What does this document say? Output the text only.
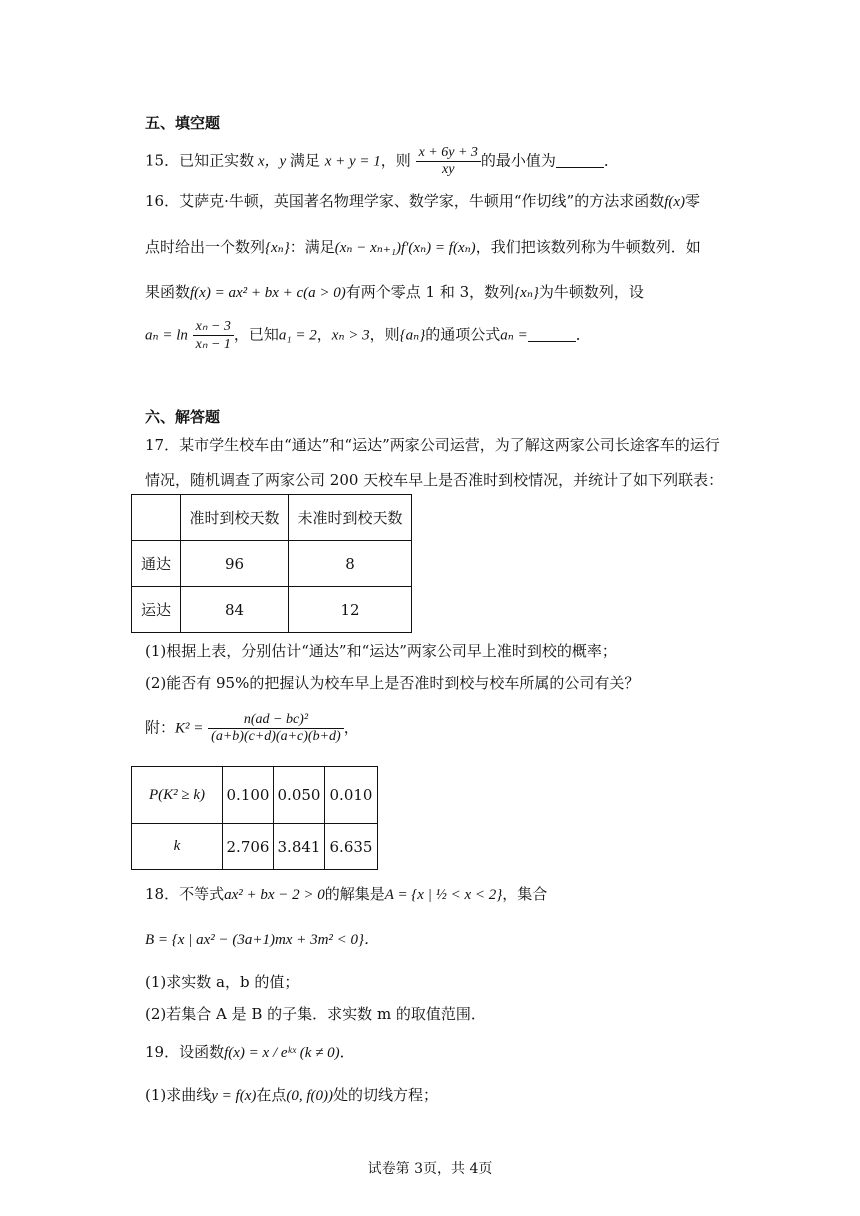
五、填空题
15．已知正实数 x，y 满足 x + y = 1，则 $\frac{x + 6y + 3}{xy}$ 的最小值为	．
16．艾萨克·牛顿，英国著名物理学家、数学家，牛顿用“作切线”的方法求函数f(x)零
点时给出一个数列{xₙ}：满足(xₙ − xₙ₊₁)f′(xₙ) = f(xₙ)，我们把该数列称为牛顿数列．如
果函数f(x) = ax² + bx + c(a > 0)有两个零点 1 和 3，数列{xₙ}为牛顿数列，设
$a_n = \ln \frac{\text{xₙ − 3}}{\text{xₙ − 1}}$ ，已知a₁ = 2，xₙ > 3，则{aₙ}的通项公式aₙ =	．
六、解答题
17．某市学生校车由“通达”和“运达”两家公司运营，为了解这两家公司长途客车的运行
情况，随机调查了两家公司 200 天校车早上是否准时到校情况，并统计了如下列联表：
	准时到校天数	未准时到校天数
通达	96	8
运达	84	12
(1)根据上表，分别估计“通达”和“运达”两家公司早上准时到校的概率；
(2)能否有 95%的把握认为校车早上是否准时到校与校车所属的公司有关？
附：$K^2 = \frac{\text{n(ad − bc)²}}{(a+b)(c+d)(a+c)(b+d)}$ ，
P(K² ≥ k)	0.100	0.050	0.010
k	2.706	3.841	6.635
18．不等式ax² + bx − 2 > 0的解集是A = {x | ½ < x < 2}，集合
B = {x | ax² − (3a+1)mx + 3m² < 0}．
(1)求实数 a，b 的值；
(2)若集合 A 是 B 的子集．求实数 m 的取值范围．
19．设函数f(x) = x / eᵏˣ (k ≠ 0)．
(1)求曲线y = f(x)在点(0, f(0))处的切线方程；
试卷第 3页，共 4页
